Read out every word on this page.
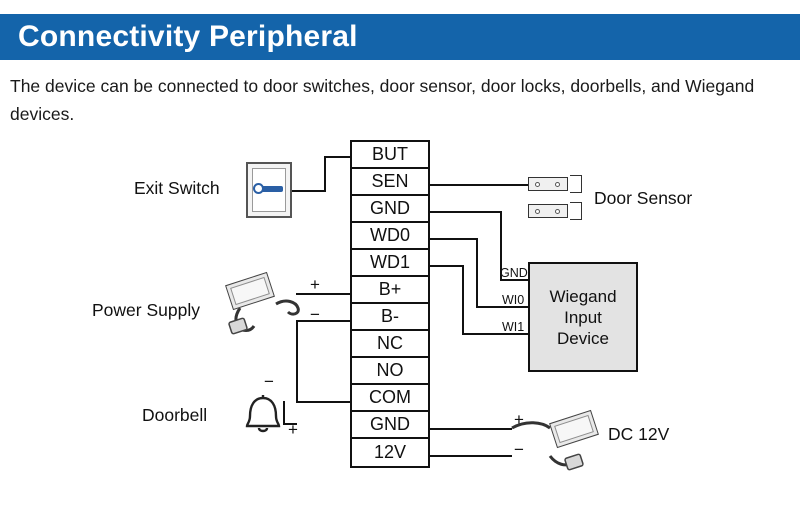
Connectivity Peripheral
The device can be connected to door switches, door sensor, door locks, doorbells, and Wiegand devices.
BUT
SEN
GND
WD0
WD1
B+
B-
NC
NO
COM
GND
12V
Exit Switch	Door Sensor
Wiegand
Input
Device
GND
WI0
WI1
Power Supply
+
−
Doorbell
−
+	DC 12V
+
−
